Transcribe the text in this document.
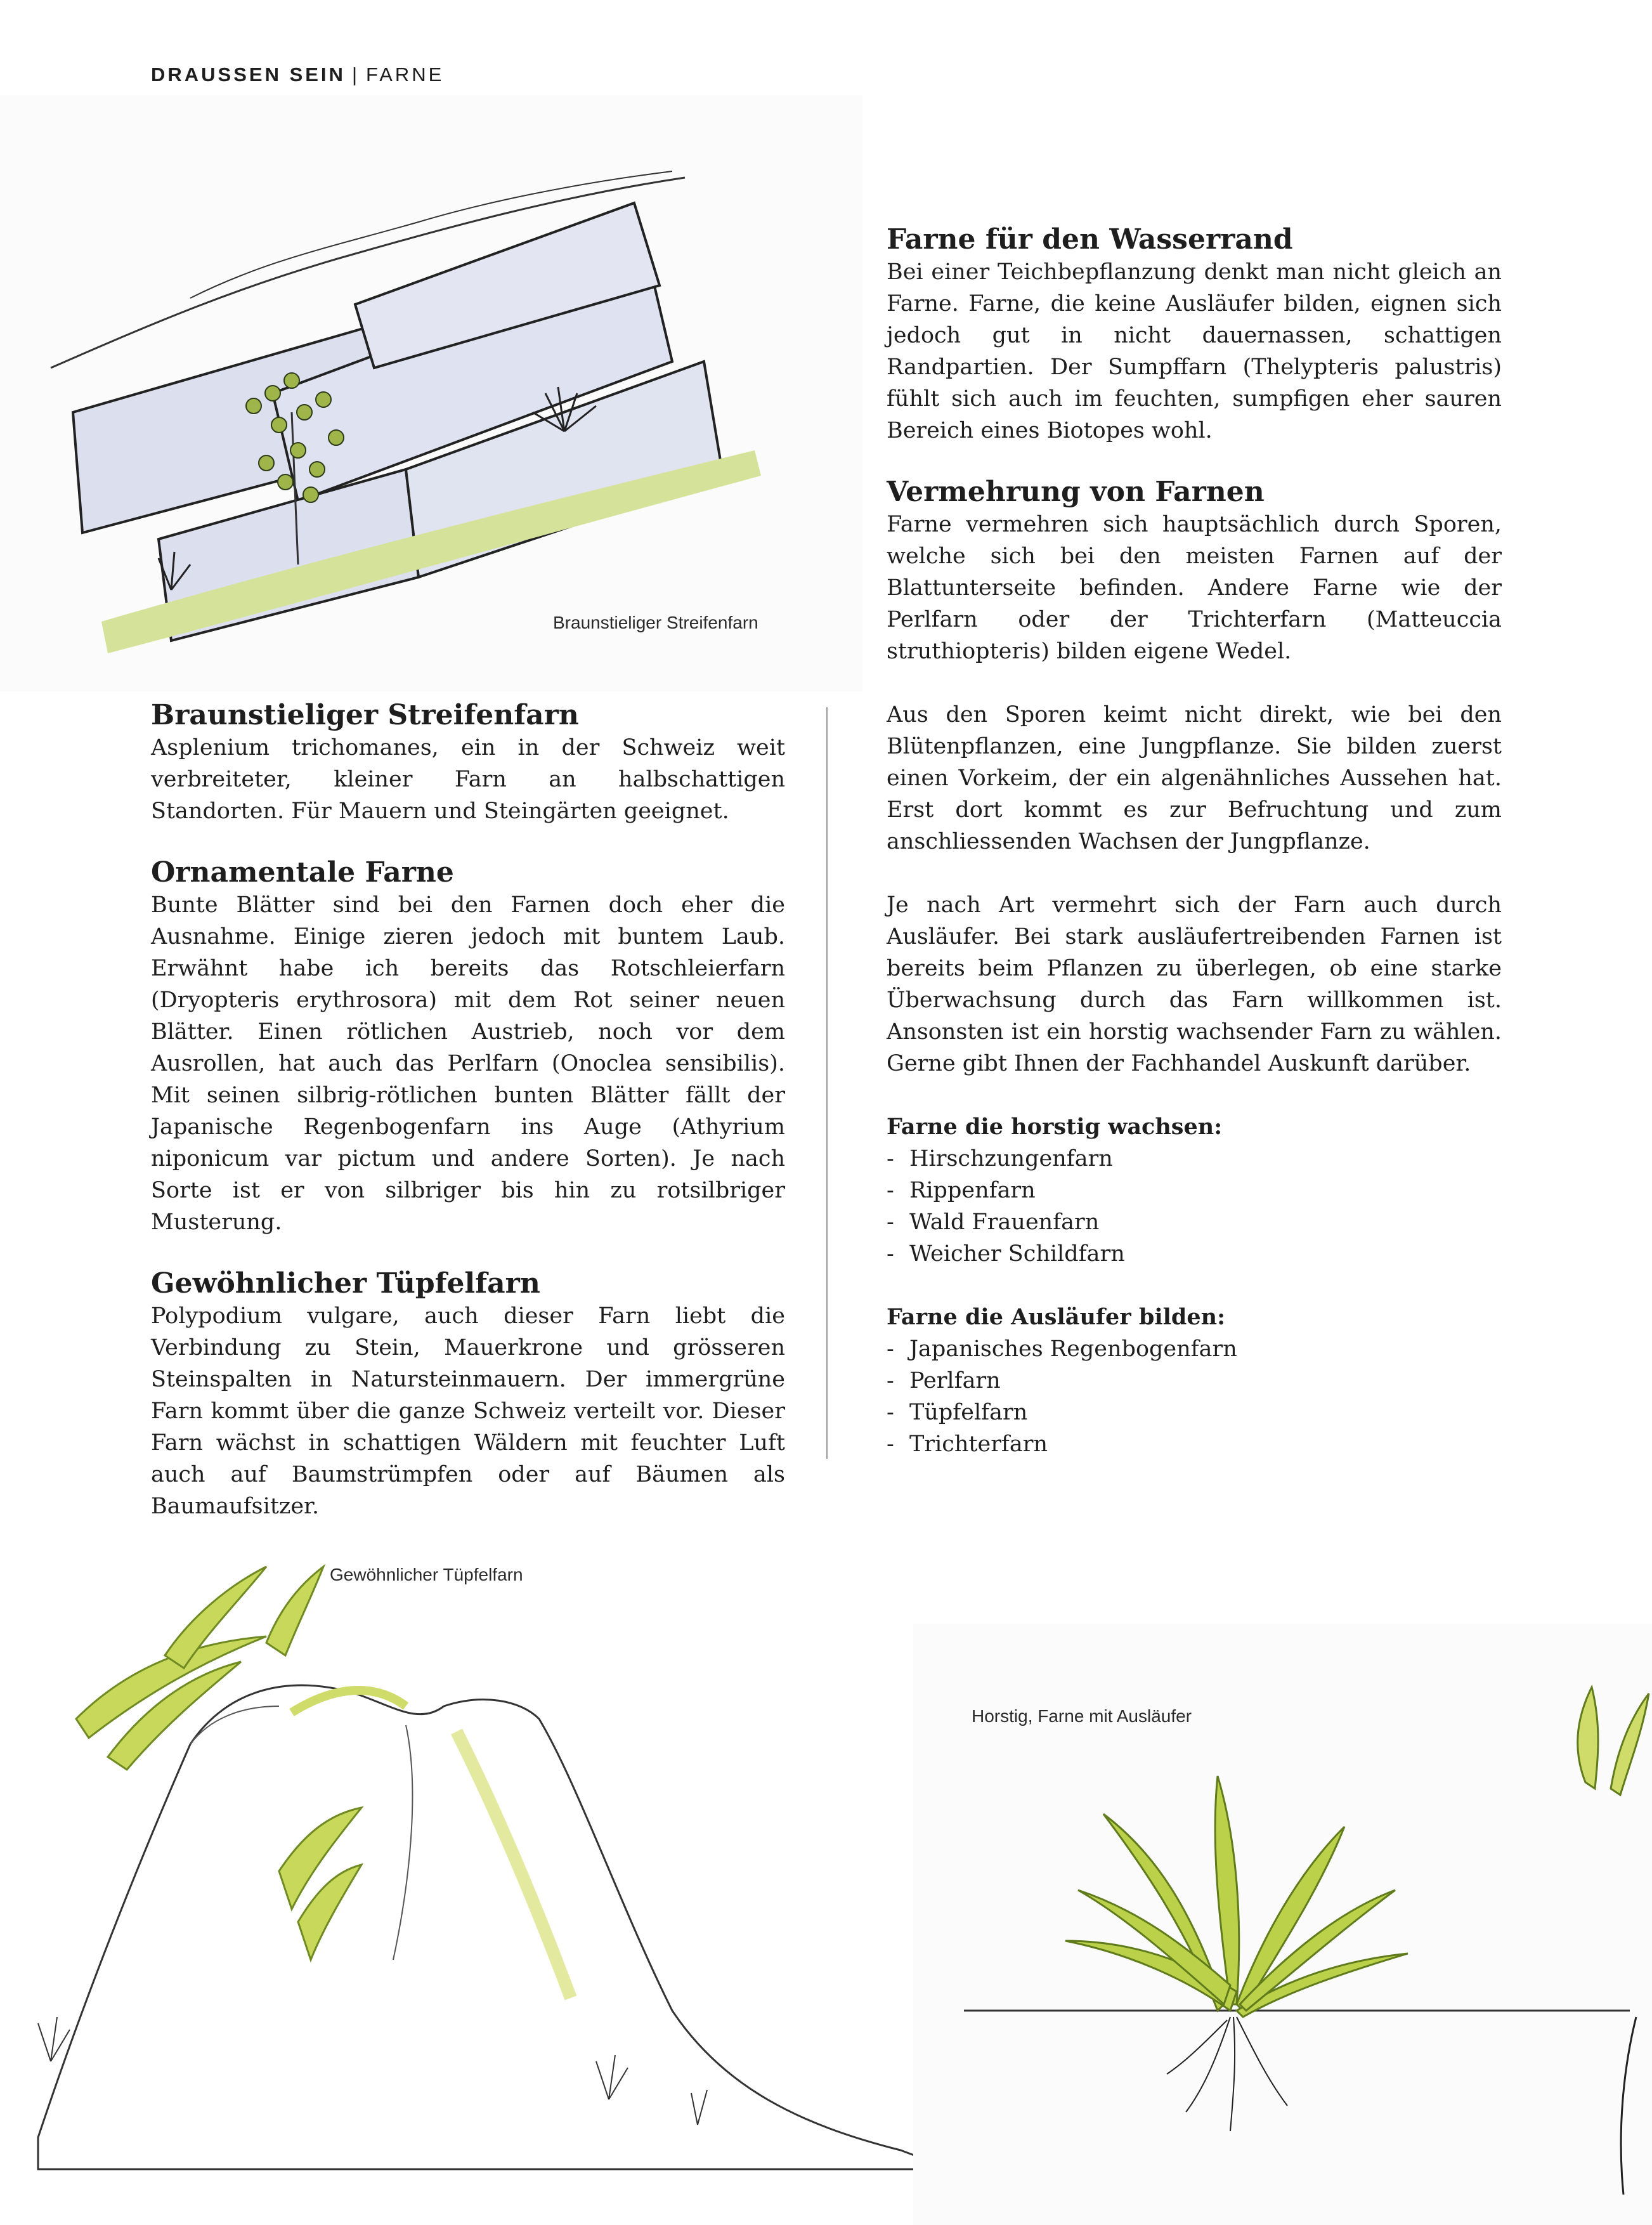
DRAUSSEN SEIN | FARNE
Braunstieliger Streifenfarn
Braunstieliger Streifenfarn

Asplenium trichomanes, ein in der Schweiz weit verbreiteter, kleiner Farn an halbschattigen Standorten. Für Mauern und Steingärten geeignet.

Ornamentale Farne

Bunte Blätter sind bei den Farnen doch eher die Ausnahme. Einige zieren jedoch mit buntem Laub. Erwähnt habe ich bereits das Rotschleierfarn (Dryopteris erythrosora) mit dem Rot seiner neuen Blätter. Einen rötlichen Austrieb, noch vor dem Ausrollen, hat auch das Perlfarn (Onoclea sensibilis). Mit seinen silbrig-rötlichen bunten Blätter fällt der Japanische Regenbogenfarn ins Auge (Athyrium niponicum var pictum und andere Sorten). Je nach Sorte ist er von silbriger bis hin zu rotsilbriger Musterung.

Gewöhnlicher Tüpfelfarn

Polypodium vulgare, auch dieser Farn liebt die Verbindung zu Stein, Mauerkrone und grösseren Steinspalten in Natursteinmauern. Der immergrüne Farn kommt über die ganze Schweiz verteilt vor. Dieser Farn wächst in schattigen Wäldern mit feuchter Luft auch auf Baumstrümpfen oder auf Bäumen als Baumaufsitzer.

Farne für den Wasserrand

Bei einer Teichbepflanzung denkt man nicht gleich an Farne. Farne, die keine Ausläufer bilden, eignen sich jedoch gut in nicht dauernassen, schattigen Randpartien. Der Sumpffarn (Thelypteris palustris) fühlt sich auch im feuchten, sumpfigen eher sauren Bereich eines Biotopes wohl.

Vermehrung von Farnen

Farne vermehren sich hauptsächlich durch Sporen, welche sich bei den meisten Farnen auf der Blattunterseite befinden. Andere Farne wie der Perlfarn oder der Trichterfarn (Matteuccia struthiopteris) bilden eigene Wedel.

Aus den Sporen keimt nicht direkt, wie bei den Blütenpflanzen, eine Jungpflanze. Sie bilden zuerst einen Vorkeim, der ein algenähnliches Aussehen hat. Erst dort kommt es zur Befruchtung und zum anschliessenden Wachsen der Jungpflanze.

Je nach Art vermehrt sich der Farn auch durch Ausläufer. Bei stark ausläufertreibenden Farnen ist bereits beim Pflanzen zu überlegen, ob eine starke Überwachsung durch das Farn willkommen ist. Ansonsten ist ein horstig wachsender Farn zu wählen. Gerne gibt Ihnen der Fachhandel Auskunft darüber.

Farne die horstig wachsen:
- Hirschzungenfarn
- Rippenfarn
- Wald Frauenfarn
- Weicher Schildfarn
Farne die Ausläufer bilden:
- Japanisches Regenbogenfarn
- Perlfarn
- Tüpfelfarn
- Trichterfarn
Gewöhnlicher Tüpfelfarn
Horstig, Farne mit Ausläufer
